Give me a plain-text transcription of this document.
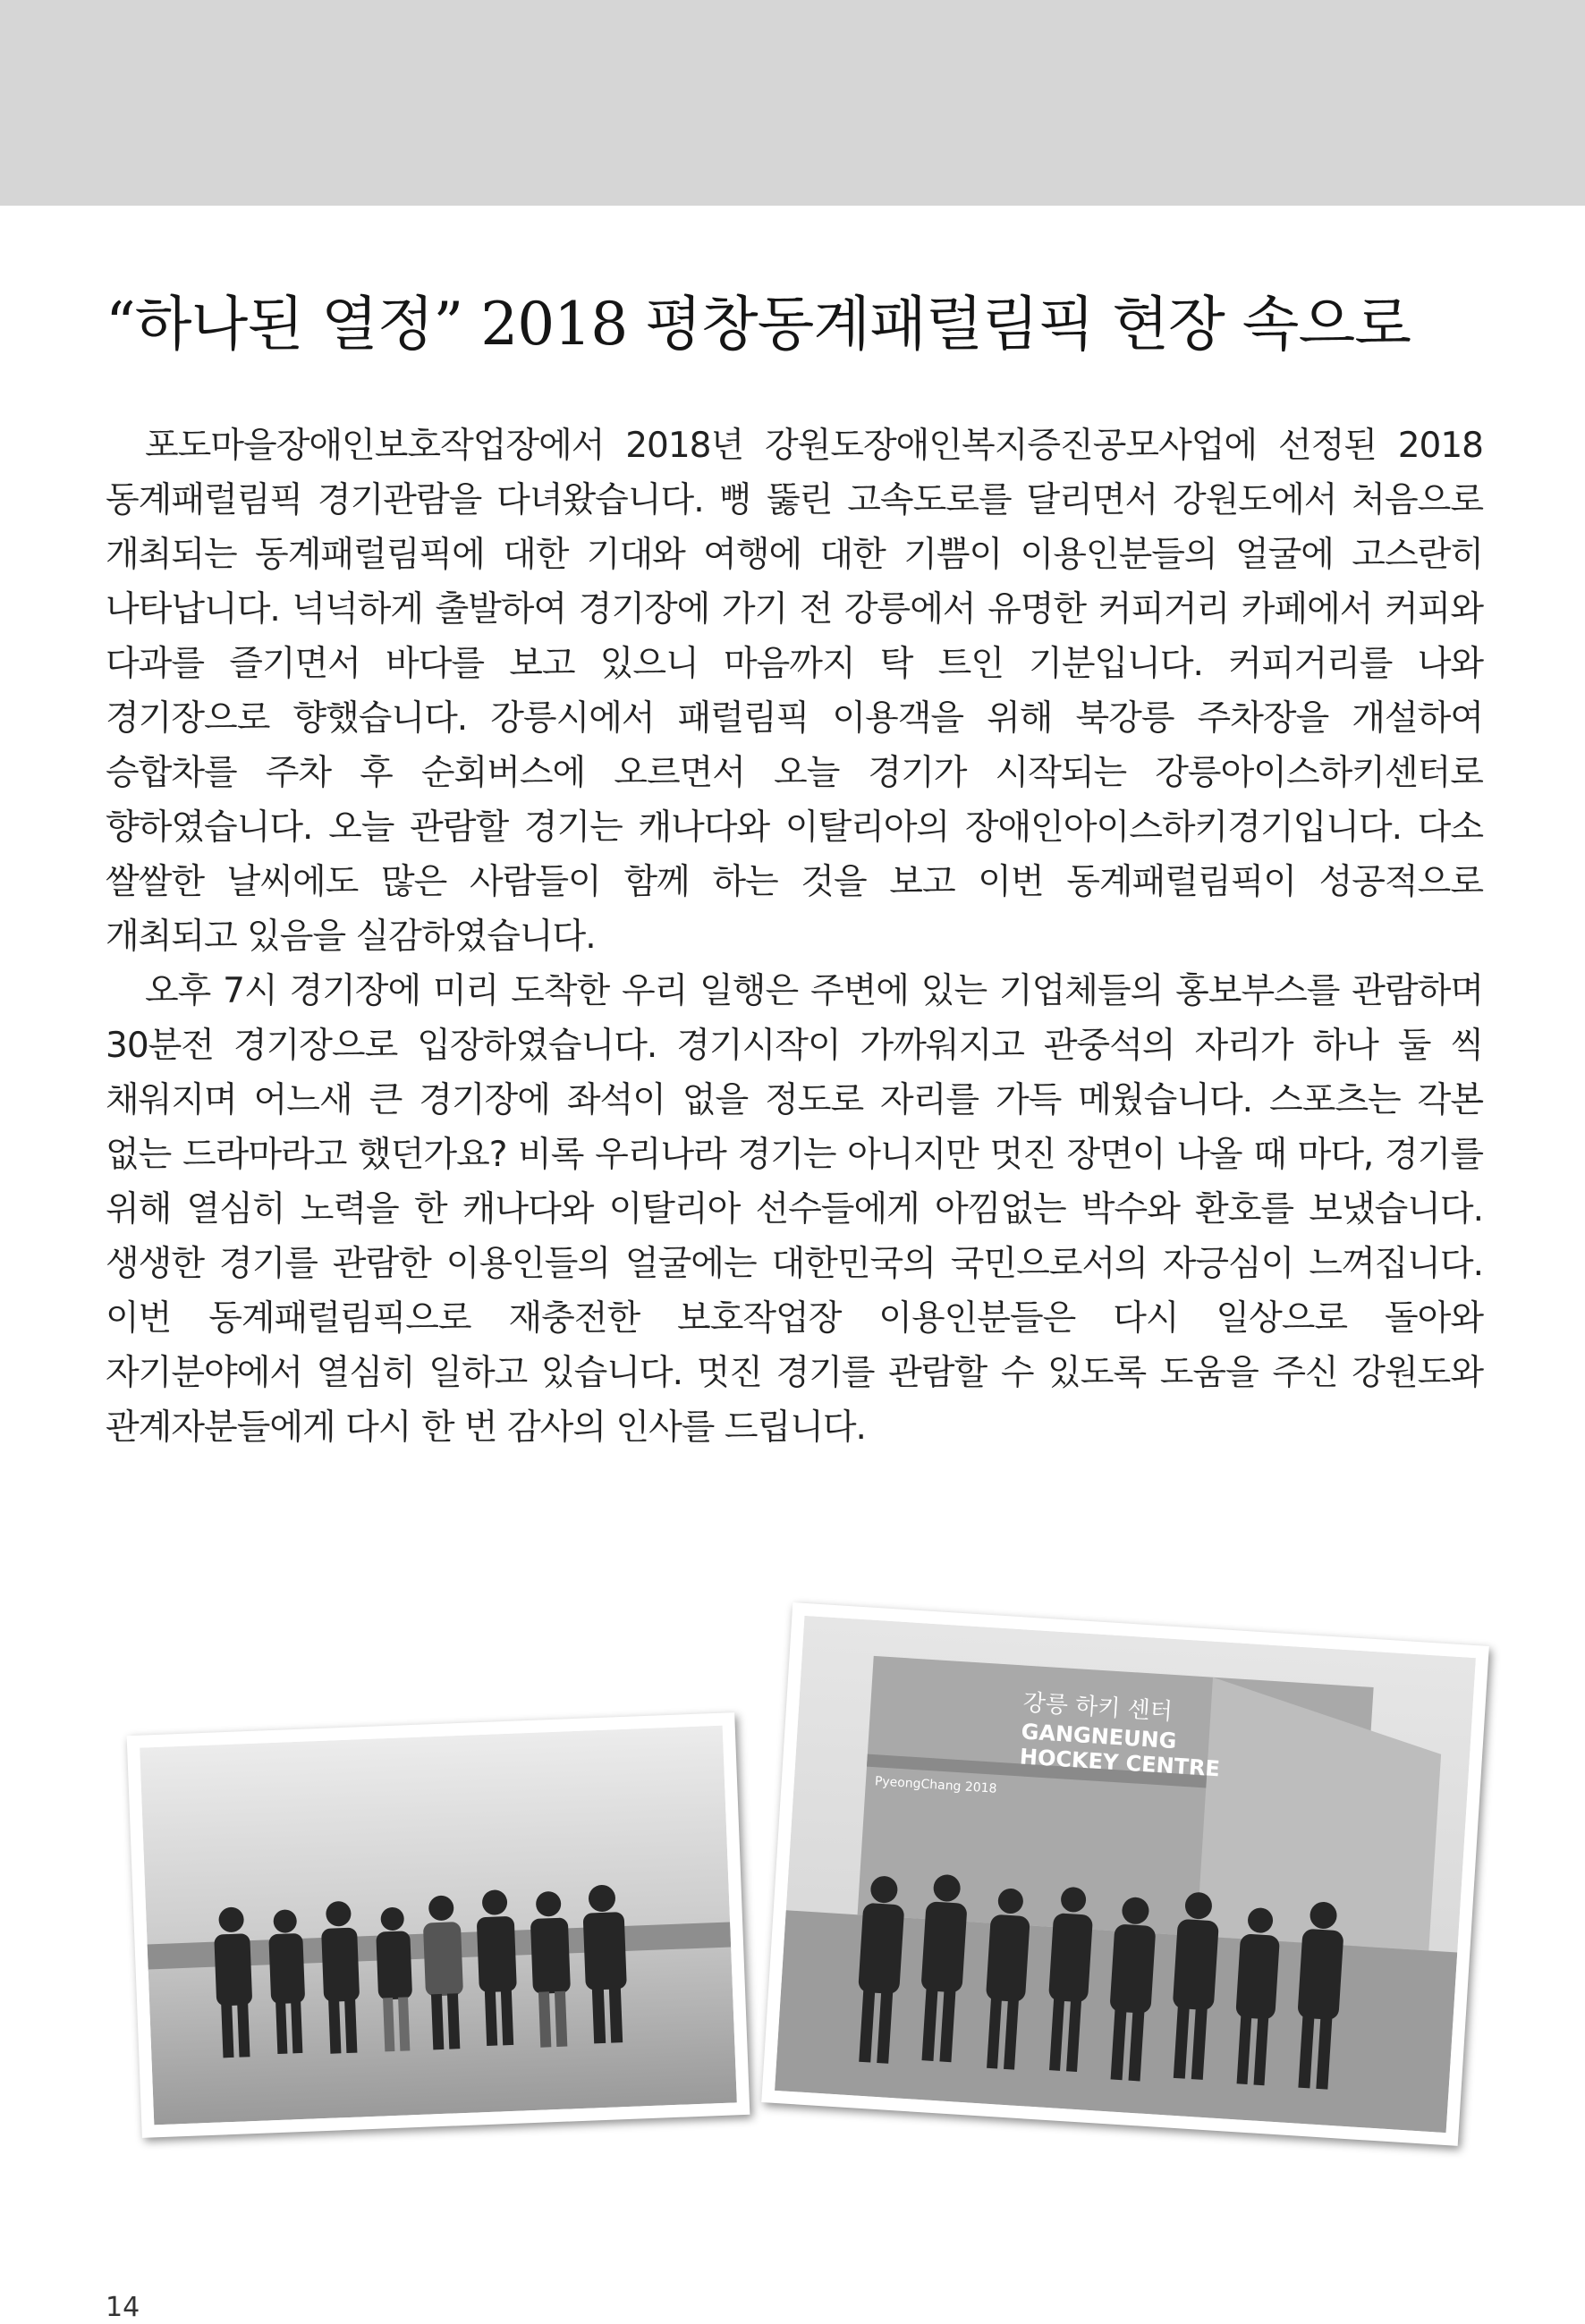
“하나된 열정” 2018 평창동계패럴림픽 현장 속으로

포도마을장애인보호작업장에서 2018년 강원도장애인복지증진공모사업에 선정된 2018 동계패럴림픽 경기관람을 다녀왔습니다. 뻥 뚫린 고속도로를 달리면서 강원도에서 처음으로 개최되는 동계패럴림픽에 대한 기대와 여행에 대한 기쁨이 이용인분들의 얼굴에 고스란히 나타납니다. 넉넉하게 출발하여 경기장에 가기 전 강릉에서 유명한 커피거리 카페에서 커피와 다과를 즐기면서 바다를 보고 있으니 마음까지 탁 트인 기분입니다. 커피거리를 나와 경기장으로 향했습니다. 강릉시에서 패럴림픽 이용객을 위해 북강릉 주차장을 개설하여 승합차를 주차 후 순회버스에 오르면서 오늘 경기가 시작되는 강릉아이스하키센터로 향하였습니다. 오늘 관람할 경기는 캐나다와 이탈리아의 장애인아이스하키경기입니다. 다소 쌀쌀한 날씨에도 많은 사람들이 함께 하는 것을 보고 이번 동계패럴림픽이 성공적으로 개최되고 있음을 실감하였습니다.

오후 7시 경기장에 미리 도착한 우리 일행은 주변에 있는 기업체들의 홍보부스를 관람하며 30분전 경기장으로 입장하였습니다. 경기시작이 가까워지고 관중석의 자리가 하나 둘 씩 채워지며 어느새 큰 경기장에 좌석이 없을 정도로 자리를 가득 메웠습니다. 스포츠는 각본 없는 드라마라고 했던가요? 비록 우리나라 경기는 아니지만 멋진 장면이 나올 때 마다, 경기를 위해 열심히 노력을 한 캐나다와 이탈리아 선수들에게 아낌없는 박수와 환호를 보냈습니다. 생생한 경기를 관람한 이용인들의 얼굴에는 대한민국의 국민으로서의 자긍심이 느껴집니다. 이번 동계패럴림픽으로 재충전한 보호작업장 이용인분들은 다시 일상으로 돌아와 자기분야에서 열심히 일하고 있습니다. 멋진 경기를 관람할 수 있도록 도움을 주신 강원도와 관계자분들에게 다시 한 번 감사의 인사를 드립니다.

강릉 하키 센터
GANGNEUNG
HOCKEY CENTRE
PyeongChang 2018
14
